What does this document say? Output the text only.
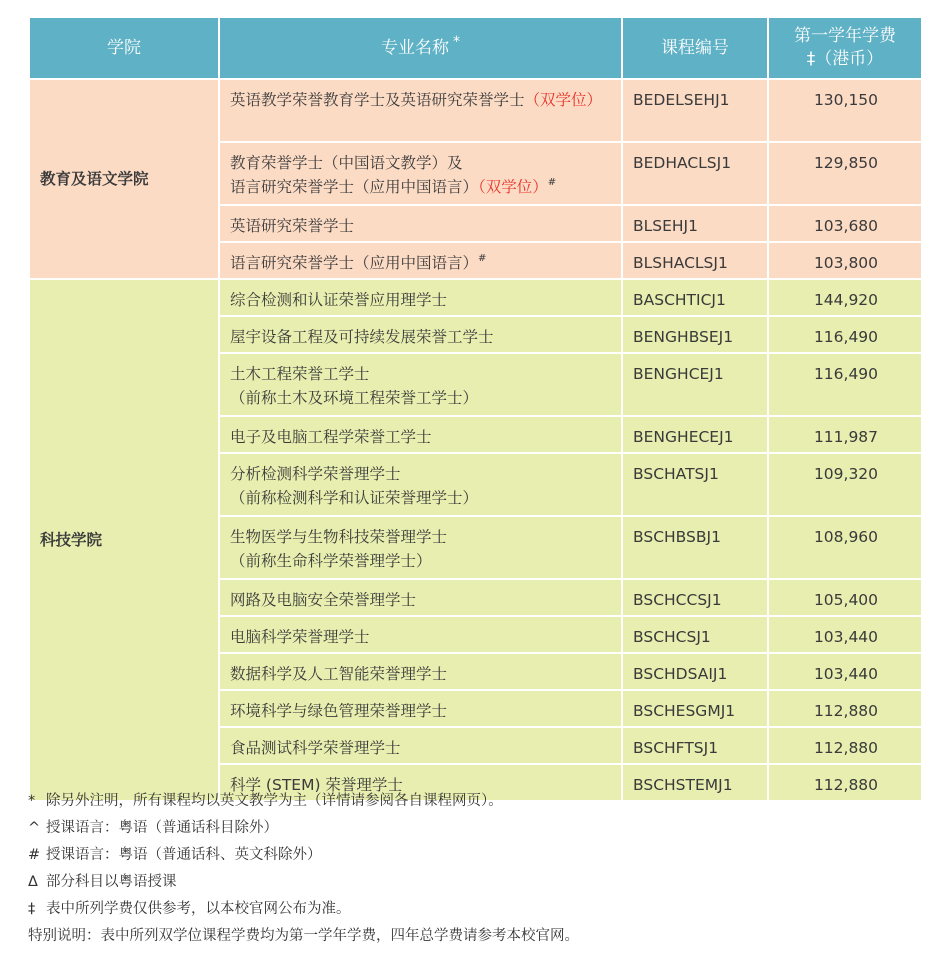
学院	专业名称 *	课程编号	第一学年学费
‡（港币）

教育及语文学院	英语教学荣誉教育学士及英语研究荣誉学士（双学位）	BEDELSEHJ1	130,150

	教育荣誉学士（中国语文教学）及
语言研究荣誉学士（应用中国语言）（双学位）#	BEDHACLSJ1	129,850
	英语研究荣誉学士	BLSEHJ1	103,680
	语言研究荣誉学士（应用中国语言）#	BLSHACLSJ1	103,800
科技学院	综合检测和认证荣誉应用理学士	BASCHTICJ1	144,920
	屋宇设备工程及可持续发展荣誉工学士	BENGHBSEJ1	116,490

	土木工程荣誉工学士
（前称土木及环境工程荣誉工学士）	BENGHCEJ1	116,490
	电子及电脑工程学荣誉工学士	BENGHECEJ1	111,987

	分析检测科学荣誉理学士
（前称检测科学和认证荣誉理学士）	BSCHATSJ1	109,320

	生物医学与生物科技荣誉理学士
（前称生命科学荣誉理学士）	BSCHBSBJ1	108,960
	网路及电脑安全荣誉理学士	BSCHCCSJ1	105,400
	电脑科学荣誉理学士	BSCHCSJ1	103,440
	数据科学及人工智能荣誉理学士	BSCHDSAIJ1	103,440
	环境科学与绿色管理荣誉理学士	BSCHESGMJ1	112,880
	食品测试科学荣誉理学士	BSCHFTSJ1	112,880
	科学 (STEM) 荣誉理学士	BSCHSTEMJ1	112,880
* 除另外注明，所有课程均以英文教学为主（详情请参阅各自课程网页）。
^ 授课语言：粤语（普通话科目除外）
# 授课语言：粤语（普通话科、英文科除外）
Δ 部分科目以粤语授课
‡ 表中所列学费仅供参考，以本校官网公布为准。
特别说明：表中所列双学位课程学费均为第一学年学费，四年总学费请参考本校官网。
